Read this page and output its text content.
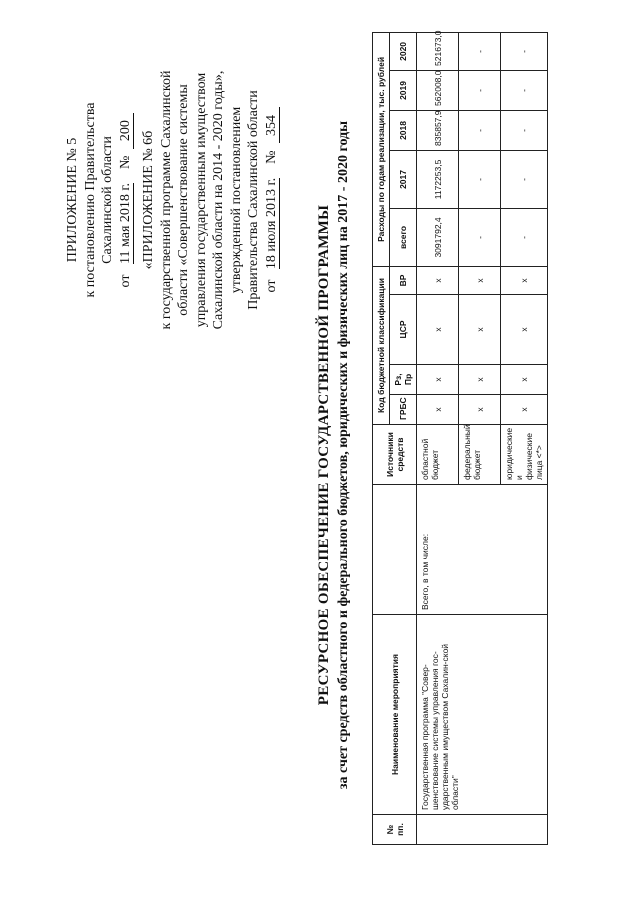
ПРИЛОЖЕНИЕ № 5 к постановлению Правительства Сахалинской области
от   11 мая 2018 г.    №  200
«ПРИЛОЖЕНИЕ № 6б к государственной программе Сахалинской области «Совершенствование системы управления государственным имуществом Сахалинской области на 2014 - 2020 годы», утвержденной постановлением Правительства Сахалинской области от   18 июля 2013 г.    №  354
РЕСУРСНОЕ ОБЕСПЕЧЕНИЕ ГОСУДАРСТВЕННОЙ ПРОГРАММЫ за счет средств областного и федерального бюджетов, юридических и физических лиц на 2017 - 2020 годы
№ пп.	Наименование мероприятия		Источники средств	Код бюджетной классификации				Расходы по годам реализации, тыс. рублей				
				ГРБС	Рз, Пр	ЦСР	ВР	всего	2017	2018	2019	2020
	Государственная программа "Совер-шенствование системы управления гос-ударственным имуществом Сахалин-ской области"	Всего, в том числе:	областной бюджет	x	x	x	x	3091792,4	1172253,5	835857,9	562008,0	521673,0
			федеральный бюджет	x	x	x	x	-	-	-	-	-
			юридические и физические лица <*>	x	x	x	x	-	-	-	-	-
